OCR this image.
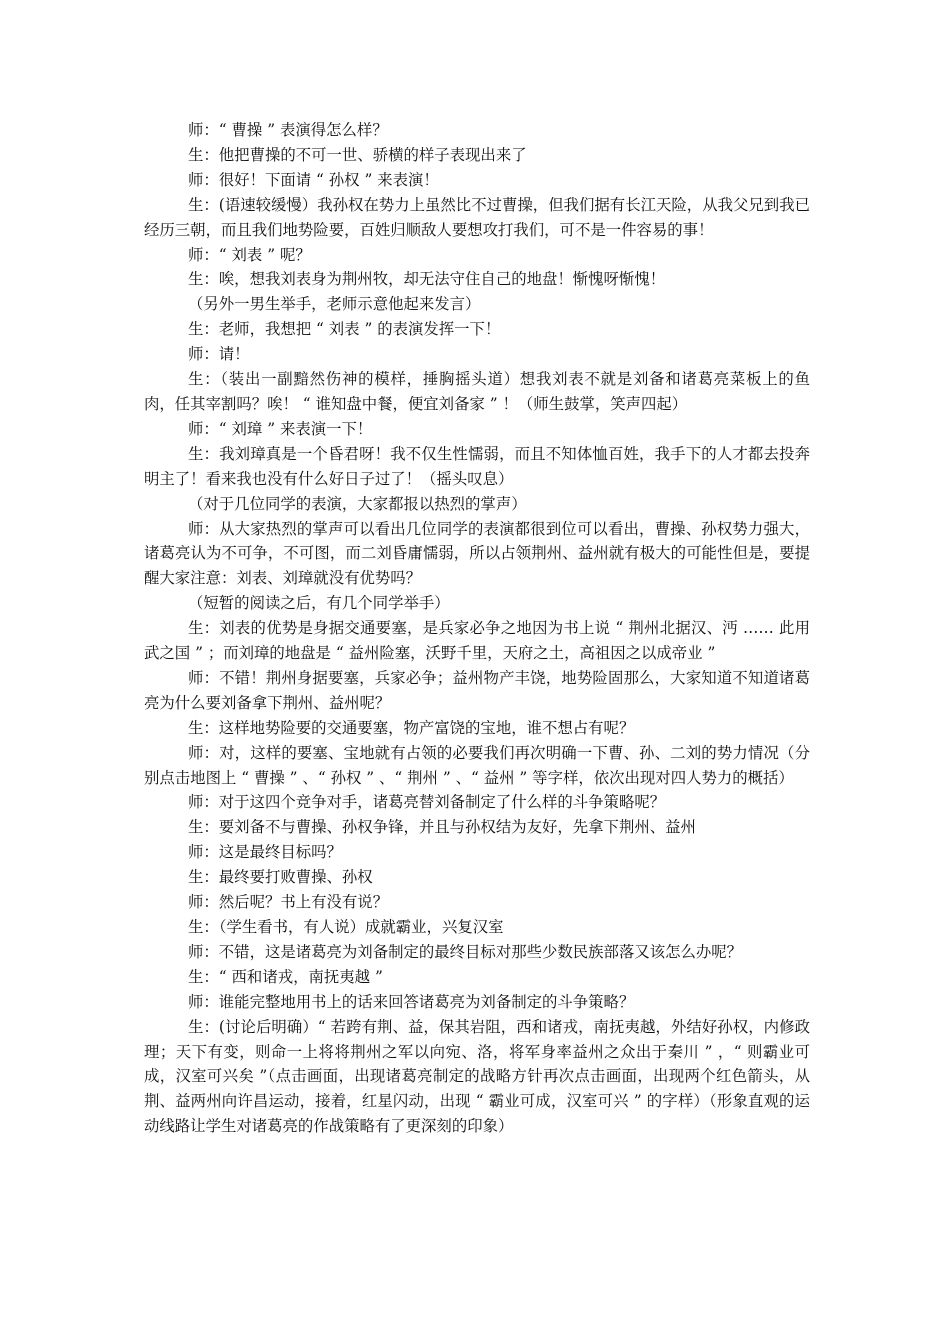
师：“ 曹操 ” 表演得怎么样？

生：他把曹操的不可一世、骄横的样子表现出来了

师：很好！下面请 “ 孙权 ” 来表演！

生：(语速较缓慢）我孙权在势力上虽然比不过曹操，但我们据有长江天险，从我父兄到我已经历三朝，而且我们地势险要，百姓归顺敌人要想攻打我们，可不是一件容易的事！

师：“ 刘表 ” 呢？

生：唉，想我刘表身为荆州牧，却无法守住自己的地盘！惭愧呀惭愧！

（另外一男生举手，老师示意他起来发言）

生：老师，我想把 “ 刘表 ” 的表演发挥一下！

师：请！

生：（装出一副黯然伤神的模样，捶胸摇头道）想我刘表不就是刘备和诸葛亮菜板上的鱼肉，任其宰割吗？唉！ “ 谁知盘中餐，便宜刘备家 ” ！（师生鼓掌，笑声四起）

师：“ 刘璋 ” 来表演一下！

生：我刘璋真是一个昏君呀！我不仅生性懦弱，而且不知体恤百姓，我手下的人才都去投奔明主了！看来我也没有什么好日子过了！（摇头叹息）

（对于几位同学的表演，大家都报以热烈的掌声）

师：从大家热烈的掌声可以看出几位同学的表演都很到位可以看出，曹操、孙权势力强大，诸葛亮认为不可争，不可图，而二刘昏庸懦弱，所以占领荆州、益州就有极大的可能性但是，要提醒大家注意：刘表、刘璋就没有优势吗？

（短暂的阅读之后，有几个同学举手）

生：刘表的优势是身据交通要塞，是兵家必争之地因为书上说 “ 荆州北据汉、沔 …… 此用武之国 ” ；而刘璋的地盘是 “ 益州险塞，沃野千里，天府之土，高祖因之以成帝业 ”

师：不错！荆州身据要塞，兵家必争；益州物产丰饶，地势险固那么，大家知道不知道诸葛亮为什么要刘备拿下荆州、益州呢？

生：这样地势险要的交通要塞，物产富饶的宝地，谁不想占有呢？

师：对，这样的要塞、宝地就有占领的必要我们再次明确一下曹、孙、二刘的势力情况（分别点击地图上 “ 曹操 ” 、“ 孙权 ” 、“ 荆州 ” 、“ 益州 ” 等字样，依次出现对四人势力的概括）

师：对于这四个竞争对手，诸葛亮替刘备制定了什么样的斗争策略呢？

生：要刘备不与曹操、孙权争锋，并且与孙权结为友好，先拿下荆州、益州

师：这是最终目标吗？

生：最终要打败曹操、孙权

师：然后呢？书上有没有说？

生：（学生看书，有人说）成就霸业，兴复汉室

师：不错，这是诸葛亮为刘备制定的最终目标对那些少数民族部落又该怎么办呢？

生：“ 西和诸戎，南抚夷越 ”

师：谁能完整地用书上的话来回答诸葛亮为刘备制定的斗争策略？

生：(讨论后明确）“ 若跨有荆、益，保其岩阻，西和诸戎，南抚夷越，外结好孙权，内修政理；天下有变，则命一上将将荆州之军以向宛、洛，将军身率益州之众出于秦川 ” ，“ 则霸业可成，汉室可兴矣 ”（点击画面，出现诸葛亮制定的战略方针再次点击画面，出现两个红色箭头，从荆、益两州向许昌运动，接着，红星闪动，出现 “ 霸业可成，汉室可兴 ” 的字样）（形象直观的运动线路让学生对诸葛亮的作战策略有了更深刻的印象）
